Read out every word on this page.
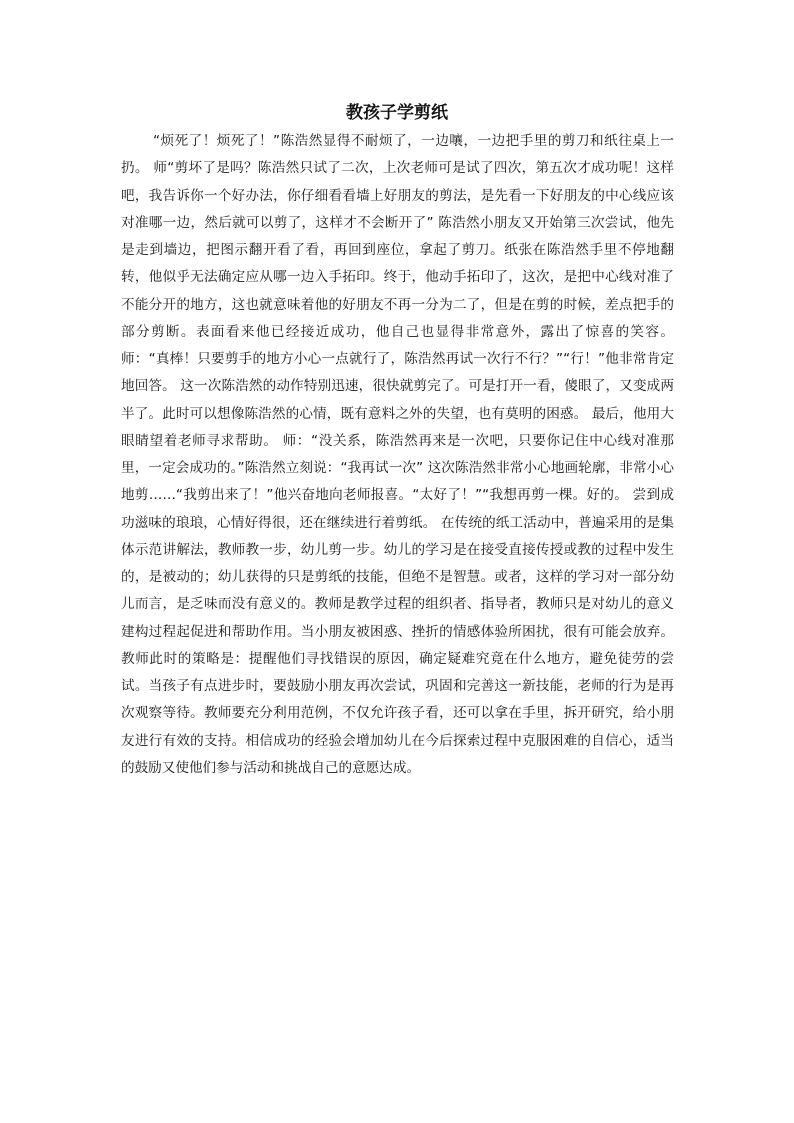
教孩子学剪纸

“烦死了！烦死了！”陈浩然显得不耐烦了，一边嚷，一边把手里的剪刀和纸往桌上一扔。 师“剪坏了是吗？陈浩然只试了二次，上次老师可是试了四次，第五次才成功呢！这样吧，我告诉你一个好办法，你仔细看看墙上好朋友的剪法，是先看一下好朋友的中心线应该对准哪一边，然后就可以剪了，这样才不会断开了” 陈浩然小朋友又开始第三次尝试，他先是走到墙边，把图示翻开看了看，再回到座位，拿起了剪刀。纸张在陈浩然手里不停地翻转，他似乎无法确定应从哪一边入手拓印。终于，他动手拓印了，这次，是把中心线对准了不能分开的地方，这也就意味着他的好朋友不再一分为二了，但是在剪的时候，差点把手的部分剪断。表面看来他已经接近成功，他自己也显得非常意外，露出了惊喜的笑容。 师：“真棒！只要剪手的地方小心一点就行了，陈浩然再试一次行不行？”“行！”他非常肯定地回答。 这一次陈浩然的动作特别迅速，很快就剪完了。可是打开一看，傻眼了，又变成两半了。此时可以想像陈浩然的心情，既有意料之外的失望，也有莫明的困惑。 最后，他用大眼睛望着老师寻求帮助。 师：“没关系，陈浩然再来是一次吧，只要你记住中心线对准那里，一定会成功的。”陈浩然立刻说：“我再试一次” 这次陈浩然非常小心地画轮廓，非常小心地剪……“我剪出来了！”他兴奋地向老师报喜。“太好了！”“我想再剪一棵。好的。 尝到成功滋味的琅琅，心情好得很，还在继续进行着剪纸。 在传统的纸工活动中，普遍采用的是集体示范讲解法，教师教一步，幼儿剪一步。幼儿的学习是在接受直接传授或教的过程中发生的，是被动的；幼儿获得的只是剪纸的技能，但绝不是智慧。或者，这样的学习对一部分幼儿而言，是乏味而没有意义的。教师是教学过程的组织者、指导者，教师只是对幼儿的意义建构过程起促进和帮助作用。当小朋友被困惑、挫折的情感体验所困扰，很有可能会放弃。 教师此时的策略是：提醒他们寻找错误的原因，确定疑难究竟在什么地方，避免徒劳的尝试。当孩子有点进步时，要鼓励小朋友再次尝试，巩固和完善这一新技能，老师的行为是再次观察等待。教师要充分利用范例，不仅允许孩子看，还可以拿在手里，拆开研究，给小朋友进行有效的支持。相信成功的经验会增加幼儿在今后探索过程中克服困难的自信心，适当的鼓励又使他们参与活动和挑战自己的意愿达成。
